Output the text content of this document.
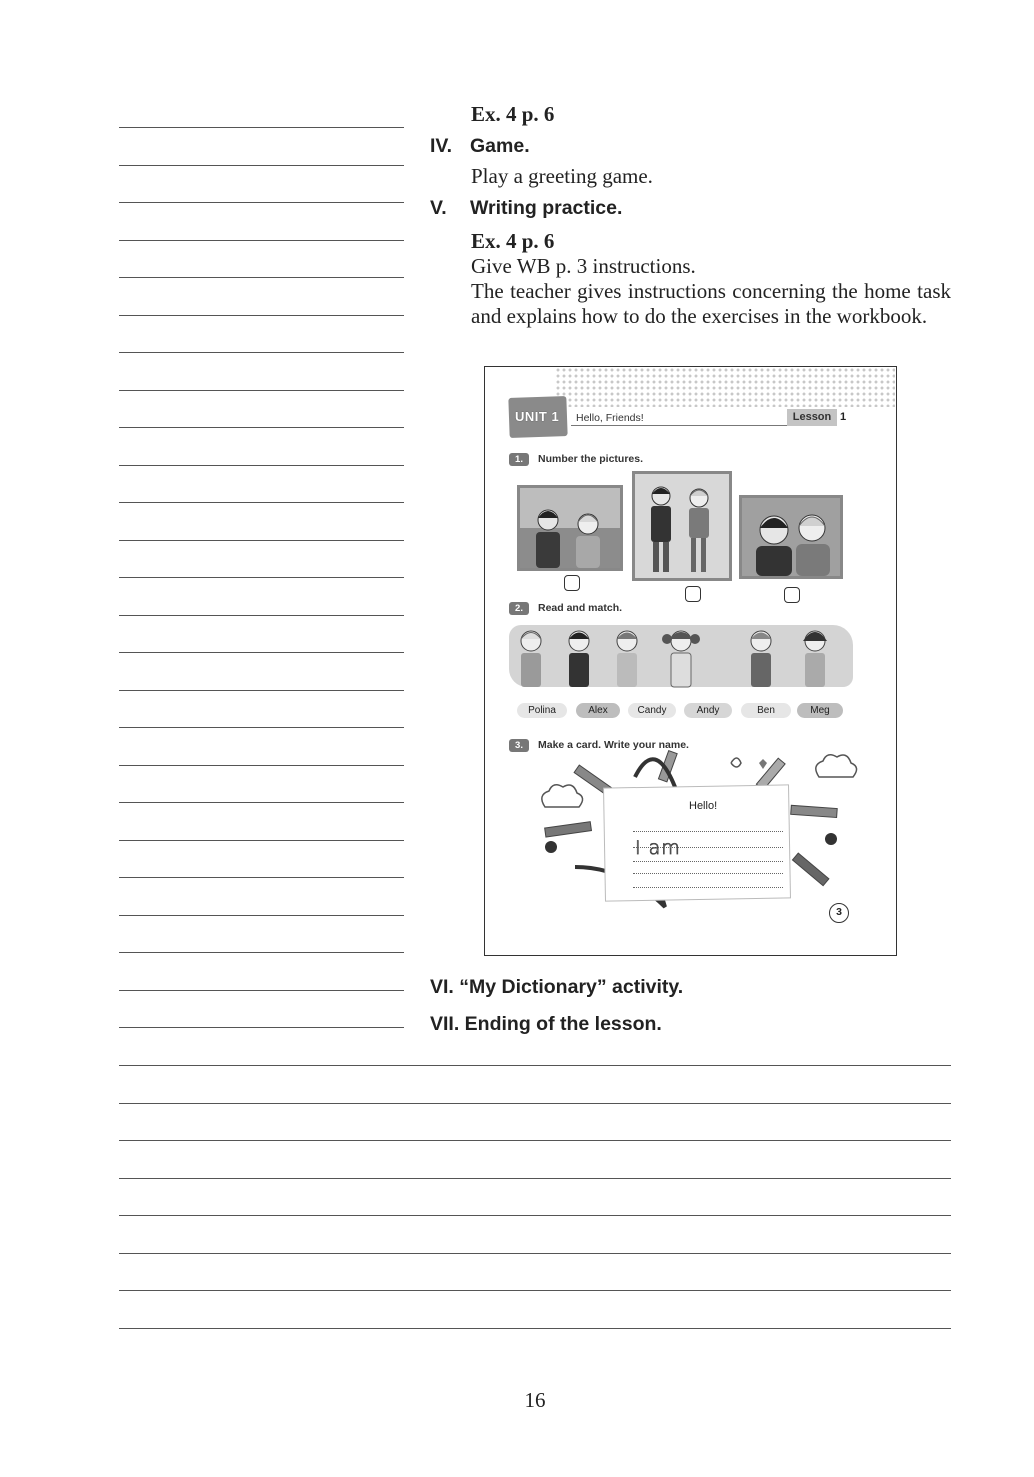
Ex. 4 p. 6
IV. Game.
Play a greeting game.
V. Writing practice.
Ex. 4 p. 6
Give WB p. 3 instructions.
The teacher gives instructions concerning the home task and explains how to do the exercises in the workbook.
UNIT 1 Hello, Friends!	Lesson 1
1.	Number the pictures.
2.	Read and match.
Polina	Alex	Candy	Andy	Ben	Meg
3.	Make a card. Write your name.
Hello!
I am
3
VI. “My Dictionary” activity.
VII. Ending of the lesson.
16
